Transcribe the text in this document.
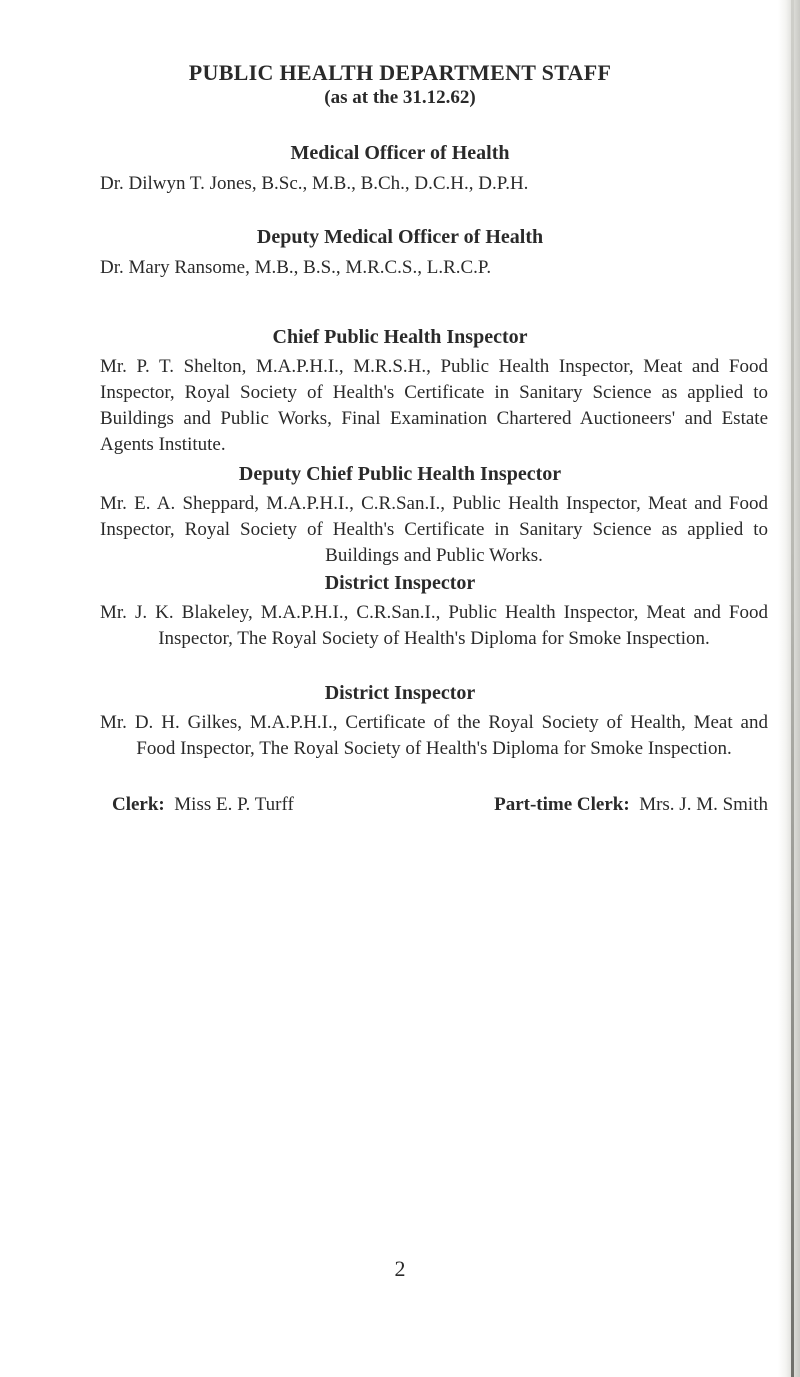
PUBLIC HEALTH DEPARTMENT STAFF
(as at the 31.12.62)
Medical Officer of Health
Dr. Dilwyn T. Jones, B.Sc., M.B., B.Ch., D.C.H., D.P.H.
Deputy Medical Officer of Health
Dr. Mary Ransome, M.B., B.S., M.R.C.S., L.R.C.P.
Chief Public Health Inspector
Mr. P. T. Shelton, M.A.P.H.I., M.R.S.H., Public Health Inspector, Meat and Food Inspector, Royal Society of Health's Certificate in Sanitary Science as applied to Buildings and Public Works, Final Examination Chartered Auctioneers' and Estate Agents Institute.
Deputy Chief Public Health Inspector
Mr. E. A. Sheppard, M.A.P.H.I., C.R.San.I., Public Health Inspector, Meat and Food Inspector, Royal Society of Health's Certificate in Sanitary Science as applied to Buildings and Public Works.
District Inspector
Mr. J. K. Blakeley, M.A.P.H.I., C.R.San.I., Public Health Inspector, Meat and Food Inspector, The Royal Society of Health's Diploma for Smoke Inspection.
District Inspector
Mr. D. H. Gilkes, M.A.P.H.I., Certificate of the Royal Society of Health, Meat and Food Inspector, The Royal Society of Health's Diploma for Smoke Inspection.
Clerk:  Miss E. P. Turff	Part-time Clerk:  Mrs. J. M. Smith
2
